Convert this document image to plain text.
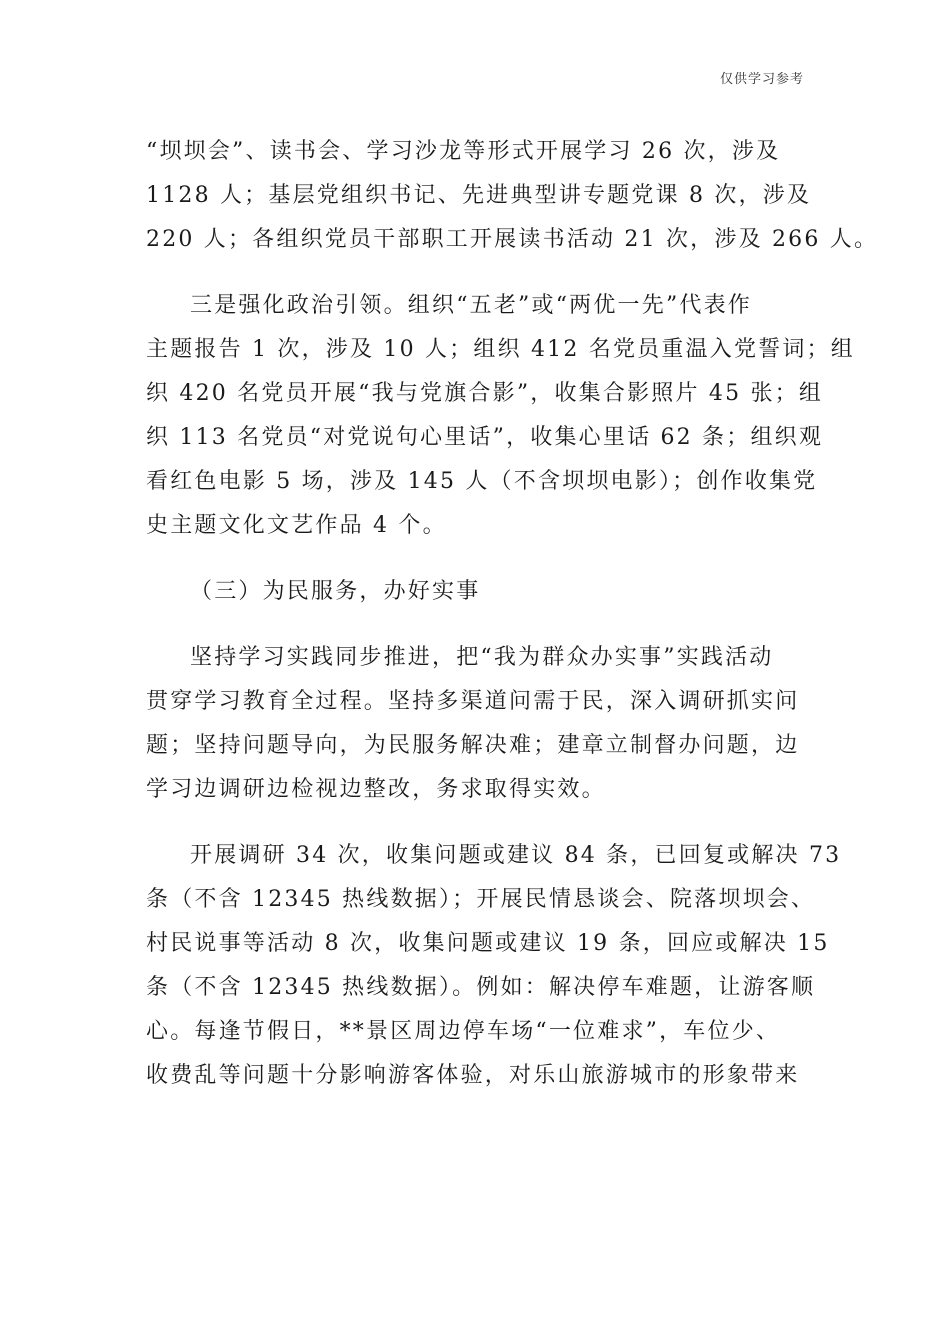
仅供学习参考

“坝坝会”、读书会、学习沙龙等形式开展学习 26 次，涉及
1128 人；基层党组织书记、先进典型讲专题党课 8 次，涉及
220 人；各组织党员干部职工开展读书活动 21 次，涉及 266 人。

三是强化政治引领。组织“五老”或“两优一先”代表作
主题报告 1 次，涉及 10 人；组织 412 名党员重温入党誓词；组
织 420 名党员开展“我与党旗合影”，收集合影照片 45 张；组
织 113 名党员“对党说句心里话”，收集心里话 62 条；组织观
看红色电影 5 场，涉及 145 人（不含坝坝电影）；创作收集党
史主题文化文艺作品 4 个。

（三）为民服务，办好实事

坚持学习实践同步推进，把“我为群众办实事”实践活动
贯穿学习教育全过程。坚持多渠道问需于民，深入调研抓实问
题；坚持问题导向，为民服务解决难；建章立制督办问题，边
学习边调研边检视边整改，务求取得实效。

开展调研 34 次，收集问题或建议 84 条，已回复或解决 73
条（不含 12345 热线数据）；开展民情恳谈会、院落坝坝会、
村民说事等活动 8 次，收集问题或建议 19 条，回应或解决 15
条（不含 12345 热线数据）。例如：解决停车难题，让游客顺
心。每逢节假日，**景区周边停车场“一位难求”，车位少、
收费乱等问题十分影响游客体验，对乐山旅游城市的形象带来
